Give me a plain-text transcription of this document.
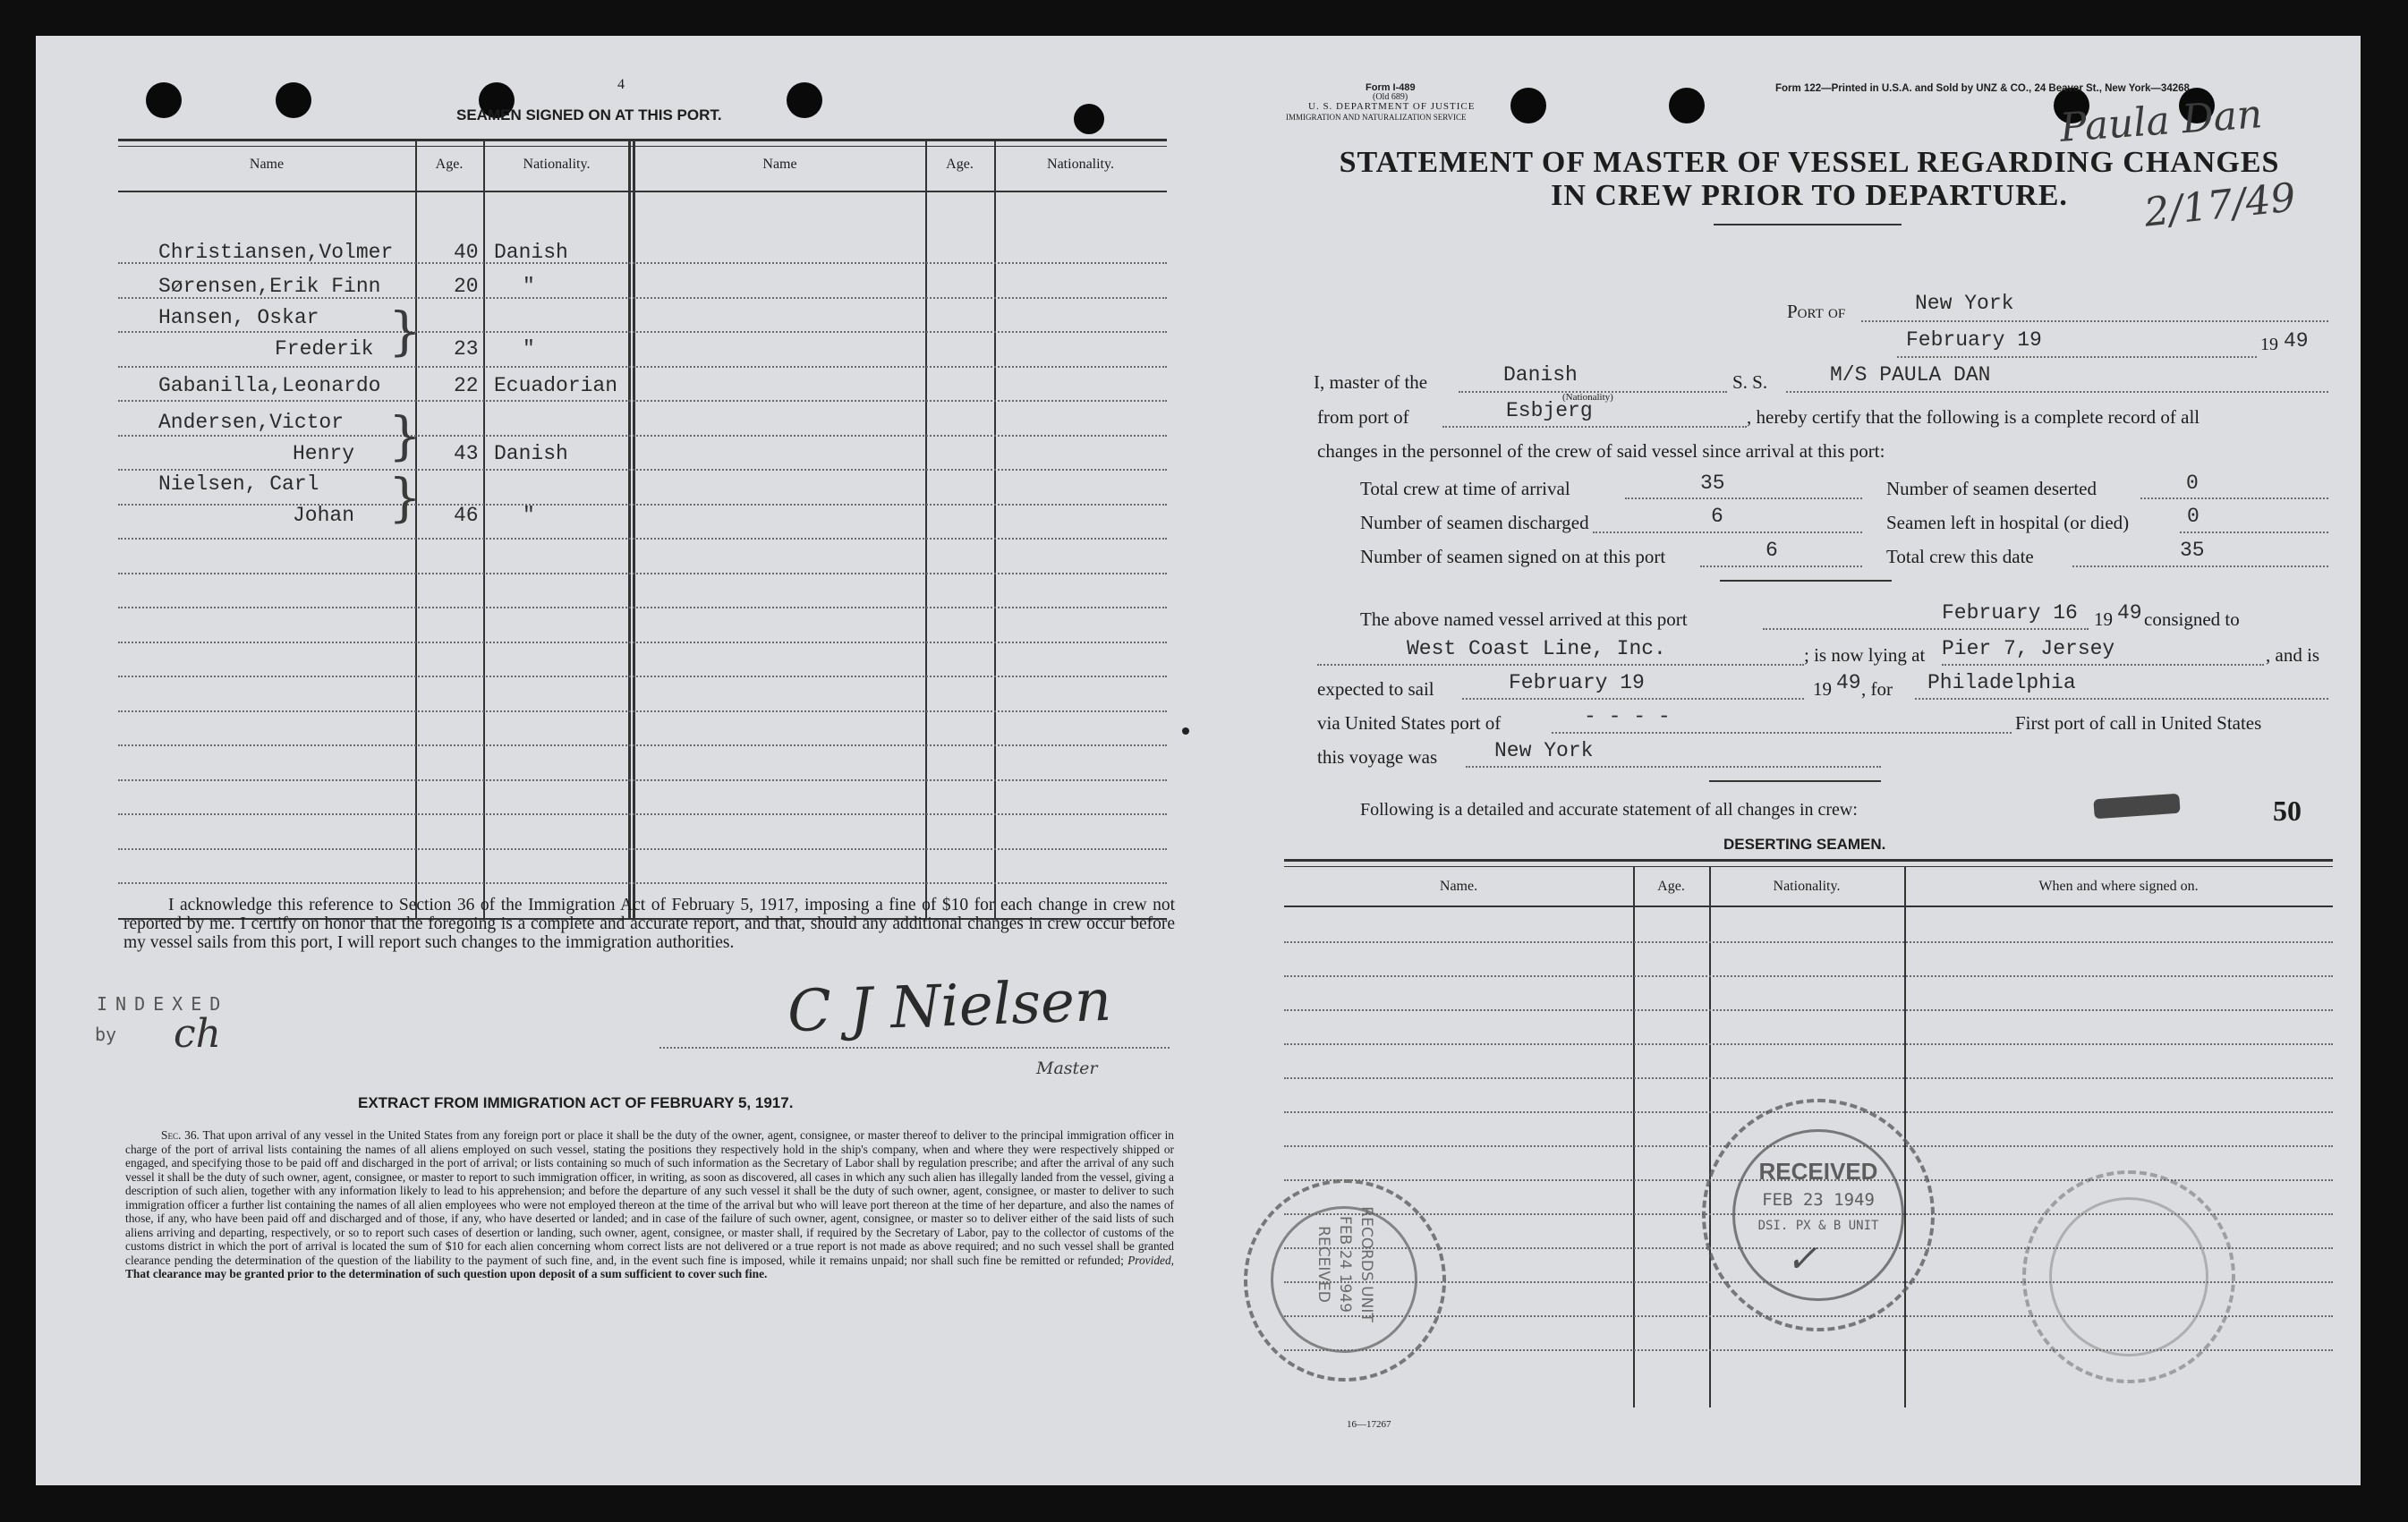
4
SEAMEN SIGNED ON AT THIS PORT.
Name	Age.	Nationality.	Name	Age.	Nationality.
Christiansen,Volmer	40 Danish
Sørensen,Erik Finn	20 "
Hansen, Oskar
Frederik	23 "
}
Gabanilla,Leonardo	22 Ecuadorian
Andersen,Victor
Henry	43 Danish
}
Nielsen, Carl
Johan	46 "
}
I acknowledge this reference to Section 36 of the Immigration Act of February 5, 1917, imposing a fine of $10 for each change in crew not reported by me. I certify on honor that the foregoing is a complete and accurate report, and that, should any additional changes in crew occur before my vessel sails from this port, I will report such changes to the immigration authorities.
INDEXED
by ch	C J Nielsen
Master
EXTRACT FROM IMMIGRATION ACT OF FEBRUARY 5, 1917.
Sec. 36. That upon arrival of any vessel in the United States from any foreign port or place it shall be the duty of the owner, agent, consignee, or master thereof to deliver to the principal immigration officer in charge of the port of arrival lists containing the names of all aliens employed on such vessel, stating the positions they respectively hold in the ship's company, when and where they were respectively shipped or engaged, and specifying those to be paid off and discharged in the port of arrival; or lists containing so much of such information as the Secretary of Labor shall by regulation prescribe; and after the arrival of any such vessel it shall be the duty of such owner, agent, consignee, or master to report to such immigration officer, in writing, as soon as discovered, all cases in which any such alien has illegally landed from the vessel, giving a description of such alien, together with any information likely to lead to his apprehension; and before the departure of any such vessel it shall be the duty of such owner, agent, consignee, or master to deliver to such immigration officer a further list containing the names of all alien employees who were not employed thereon at the time of the arrival but who will leave port thereon at the time of her departure, and also the names of those, if any, who have been paid off and discharged and of those, if any, who have deserted or landed; and in case of the failure of such owner, agent, consignee, or master so to deliver either of the said lists of such aliens arriving and departing, respectively, or so to report such cases of desertion or landing, such owner, agent, consignee, or master shall, if required by the Secretary of Labor, pay to the collector of customs of the customs district in which the port of arrival is located the sum of $10 for each alien concerning whom correct lists are not delivered or a true report is not made as above required; and no such vessel shall be granted clearance pending the determination of the question of the liability to the payment of such fine, and, in the event such fine is imposed, while it remains unpaid; nor shall such fine be remitted or refunded; Provided, That clearance may be granted prior to the determination of such question upon deposit of a sum sufficient to cover such fine.	RECORDS UNIT
FEB 24 1949
RECEIVED
Form I-489
(Old 689)
U. S. DEPARTMENT OF JUSTICE
IMMIGRATION AND NATURALIZATION SERVICE
Form 122—Printed in U.S.A. and Sold by UNZ & CO., 24 Beaver St., New York—34268
Paula Dan
2/17/49
STATEMENT OF MASTER OF VESSEL REGARDING CHANGES
IN CREW PRIOR TO DEPARTURE.
Port of	New York
February 19	19 49
I, master of the	Danish
(Nationality)
S. S.	M/S PAULA DAN
from port of	Esbjerg	, hereby certify that the following is a complete record of all
changes in the personnel of the crew of said vessel since arrival at this port:
Total crew at time of arrival	35
Number of seamen discharged	6
Number of seamen signed on at this port	6
Number of seamen deserted	0
Seamen left in hospital (or died)	0
Total crew this date	35
The above named vessel arrived at this port	February 16 19 49 consigned to
West Coast Line, Inc.	; is now lying at Pier 7, Jersey	, and is
expected to sail	February 19	19 49 , for Philadelphia
via United States port of	- - - -	First port of call in United States
this voyage was	New York
Following is a detailed and accurate statement of all changes in crew:	50
DESERTING SEAMEN.
Name.	Age.	Nationality.	When and where signed on.
RECEIVED
FEB 23 1949
DSI. PX & B UNIT
✓
16—17267
